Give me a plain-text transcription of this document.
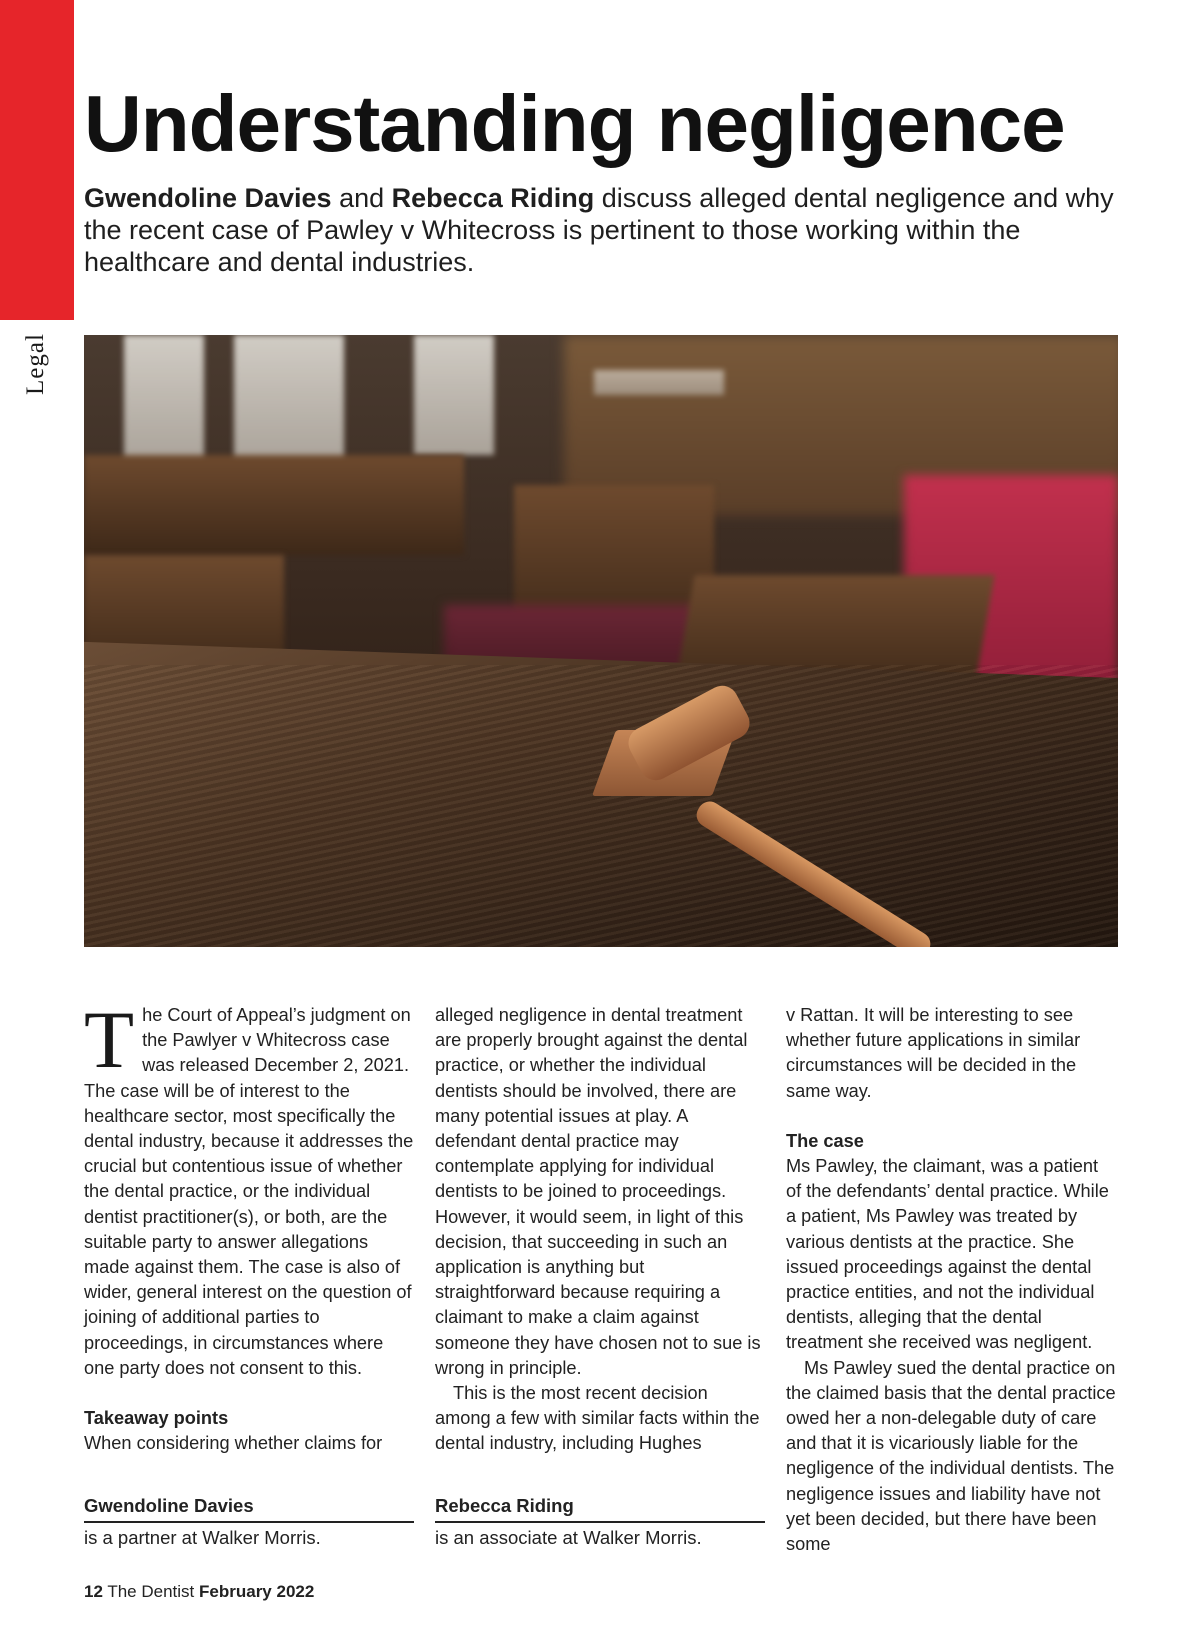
Legal
Understanding negligence

Gwendoline Davies and Rebecca Riding discuss alleged dental negligence and why the recent case of Pawley v Whitecross is pertinent to those working within the healthcare and dental industries.

T he Court of Appeal’s judgment on the Pawlyer v Whitecross case was released December 2, 2021. The case will be of interest to the healthcare sector, most specifically the dental industry, because it addresses the crucial but contentious issue of whether the dental practice, or the individual dentist practitioner(s), or both, are the suitable party to answer allegations made against them. The case is also of wider, general interest on the question of joining of additional parties to proceedings, in circumstances where one party does not consent to this.

Takeaway points

When considering whether claims for

alleged negligence in dental treatment are properly brought against the dental practice, or whether the individual dentists should be involved, there are many potential issues at play. A defendant dental practice may contemplate applying for individual dentists to be joined to proceedings. However, it would seem, in light of this decision, that succeeding in such an application is anything but straightforward because requiring a claimant to make a claim against someone they have chosen not to sue is wrong in principle.

This is the most recent decision among a few with similar facts within the dental industry, including Hughes

v Rattan. It will be interesting to see whether future applications in similar circumstances will be decided in the same way.

The case

Ms Pawley, the claimant, was a patient of the defendants’ dental practice. While a patient, Ms Pawley was treated by various dentists at the practice. She issued proceedings against the dental practice entities, and not the individual dentists, alleging that the dental treatment she received was negligent.

Ms Pawley sued the dental practice on the claimed basis that the dental practice owed her a non-delegable duty of care and that it is vicariously liable for the negligence of the individual dentists. The negligence issues and liability have not yet been decided, but there have been some

Gwendoline Davies
is a partner at Walker Morris.
Rebecca Riding
is an associate at Walker Morris.
12 The Dentist February 2022
